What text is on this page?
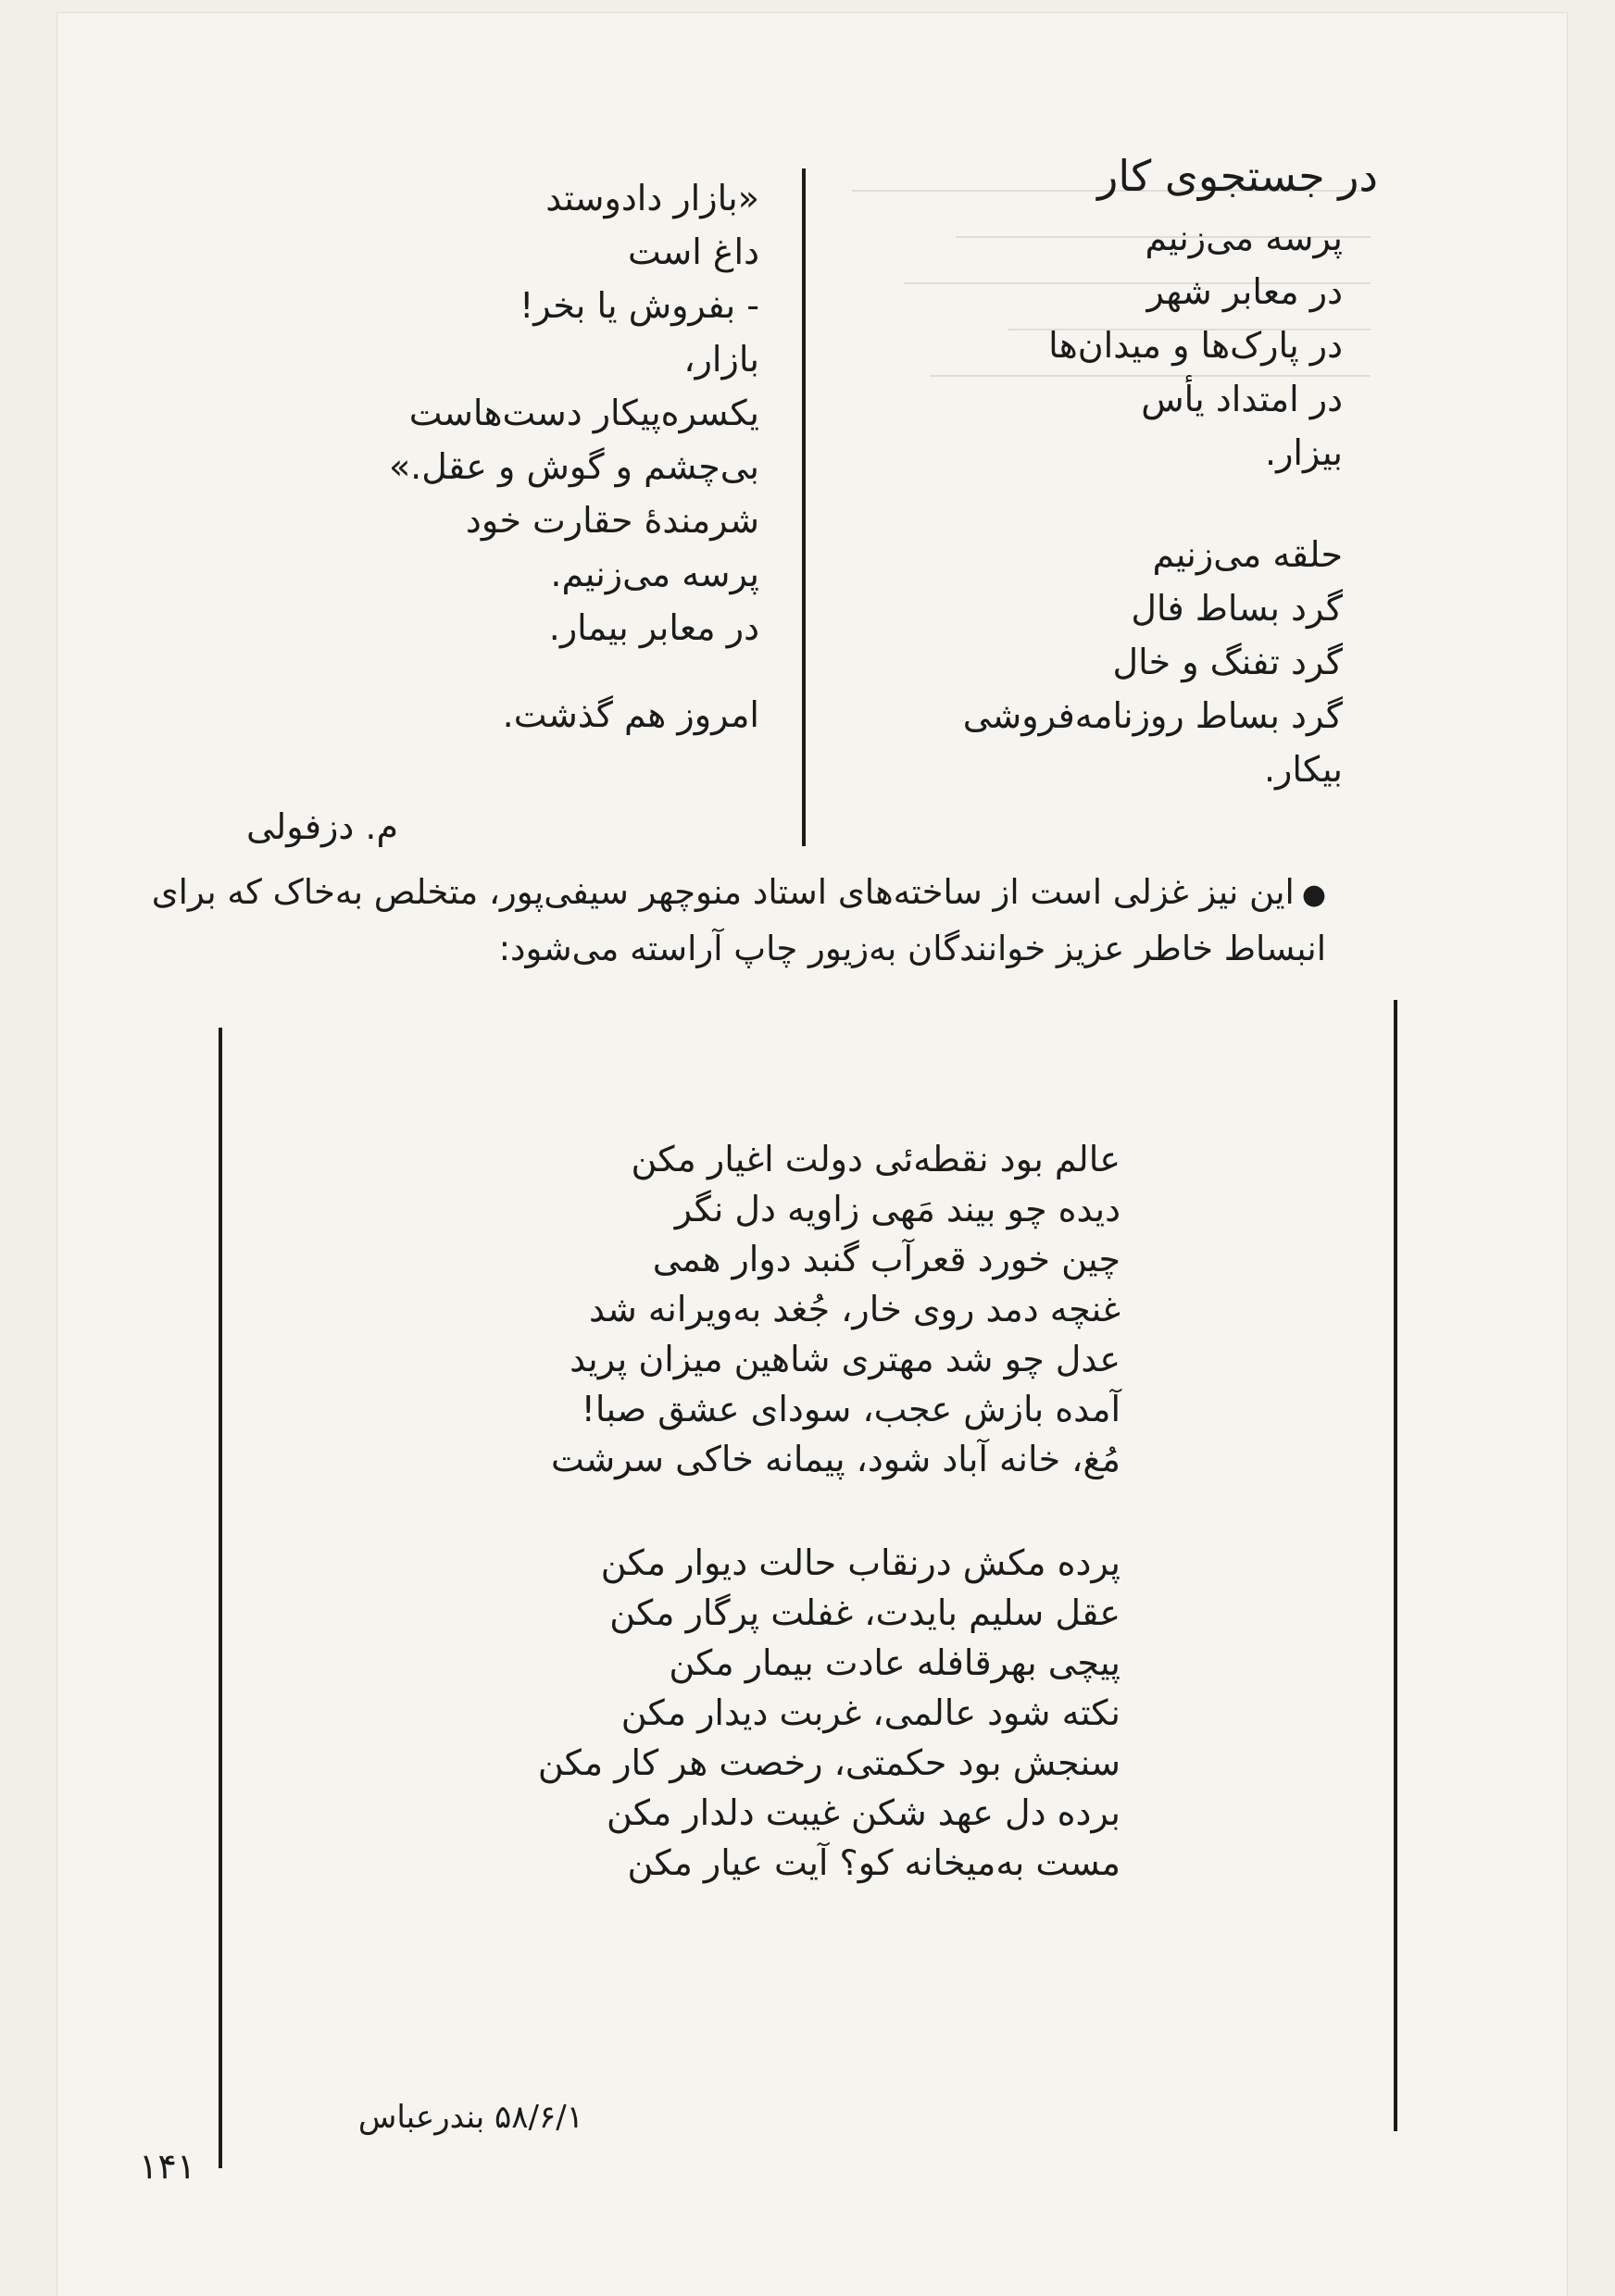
در جستجوی کار
پرسه می‌زنیم
در معابر شهر
در پارک‌ها و میدان‌ها
در امتداد یأس
بیزار.
حلقه می‌زنیم
گرد بساط فال
گرد تفنگ و خال
گرد بساط روزنامه‌فروشی
بیکار.
«بازار دادوستد
داغ است
- بفروش یا بخر!
بازار،
یکسره‌پیکار دست‌هاست
بی‌چشم و گوش و عقل.»
شرمندهٔ حقارت خود
پرسه می‌زنیم.
در معابر بیمار.
امروز هم گذشت.
م. دزفولی
●این نیز غزلی است از ساخته‌های استاد منوچهر سیفی‌پور، متخلص به‌خاک که برای
انبساط خاطر عزیز خوانندگان به‌زیور چاپ آراسته می‌شود:
عالم بود نقطه‌ئی دولت اغیار مکن
دیده چو بیند مَهی زاویه دل نگر
چین خورد قعرآب گنبد دوار همی
غنچه دمد روی خار، جُغد به‌ویرانه شد
عدل چو شد مهتری شاهین میزان پرید
آمده بازش عجب، سودای عشق صبا!
مُغ، خانه آباد شود، پیمانه خاکی سرشت
پرده مکش درنقاب حالت دیوار مکن
عقل سلیم بایدت، غفلت پرگار مکن
پیچی بهرقافله عادت بیمار مکن
نکته شود عالمی، غربت دیدار مکن
سنجش بود حکمتی، رخصت هر کار مکن
برده دل عهد شکن غیبت دلدار مکن
مست به‌میخانه کو؟ آیت عیار مکن
۵۸/۶/۱ بندرعباس
۱۴۱
